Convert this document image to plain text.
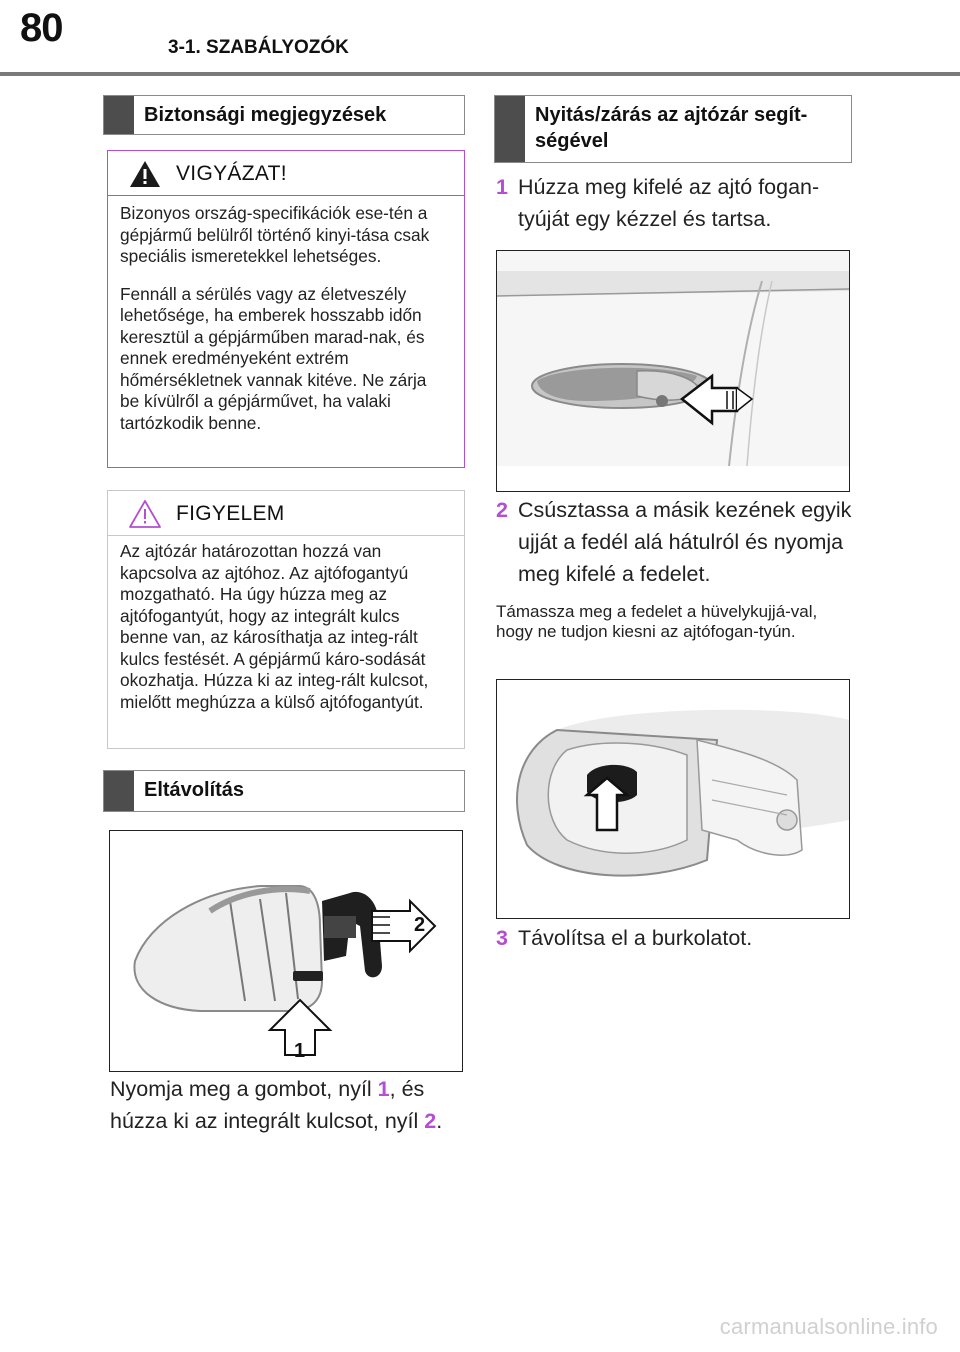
80	3-1. SZABÁLYOZÓK
Biztonsági megjegyzések
VIGYÁZAT!

Bizonyos ország-specifikációk ese-tén a gépjármű belülről történő kinyi-tása csak speciális ismeretekkel lehetséges.

Fennáll a sérülés vagy az életveszély lehetősége, ha emberek hosszabb időn keresztül a gépjárműben marad-nak, és ennek eredményeként extrém hőmérsékletnek vannak kitéve. Ne zárja be kívülről a gépjárművet, ha valaki tartózkodik benne.

FIGYELEM

Az ajtózár határozottan hozzá van kapcsolva az ajtóhoz. Az ajtófogantyú mozgatható. Ha úgy húzza meg az ajtófogantyút, hogy az integrált kulcs benne van, az károsíthatja az integ-rált kulcs festését. A gépjármű káro-sodását okozhatja. Húzza ki az integ-rált kulcsot, mielőtt meghúzza a külső ajtófogantyút.

Eltávolítás
2
1
Nyomja meg a gombot, nyíl 1, és húzza ki az integrált kulcsot, nyíl 2.
Nyitás/zárás az ajtózár segít-ségével
1 Húzza meg kifelé az ajtó fogan-tyúját egy kézzel és tartsa.
2 Csúsztassa a másik kezének egyik ujját a fedél alá hátulról és nyomja meg kifelé a fedelet.
Támassza meg a fedelet a hüvelykujjá-val, hogy ne tudjon kiesni az ajtófogan-tyún.
3 Távolítsa el a burkolatot.
carmanualsonline.info
